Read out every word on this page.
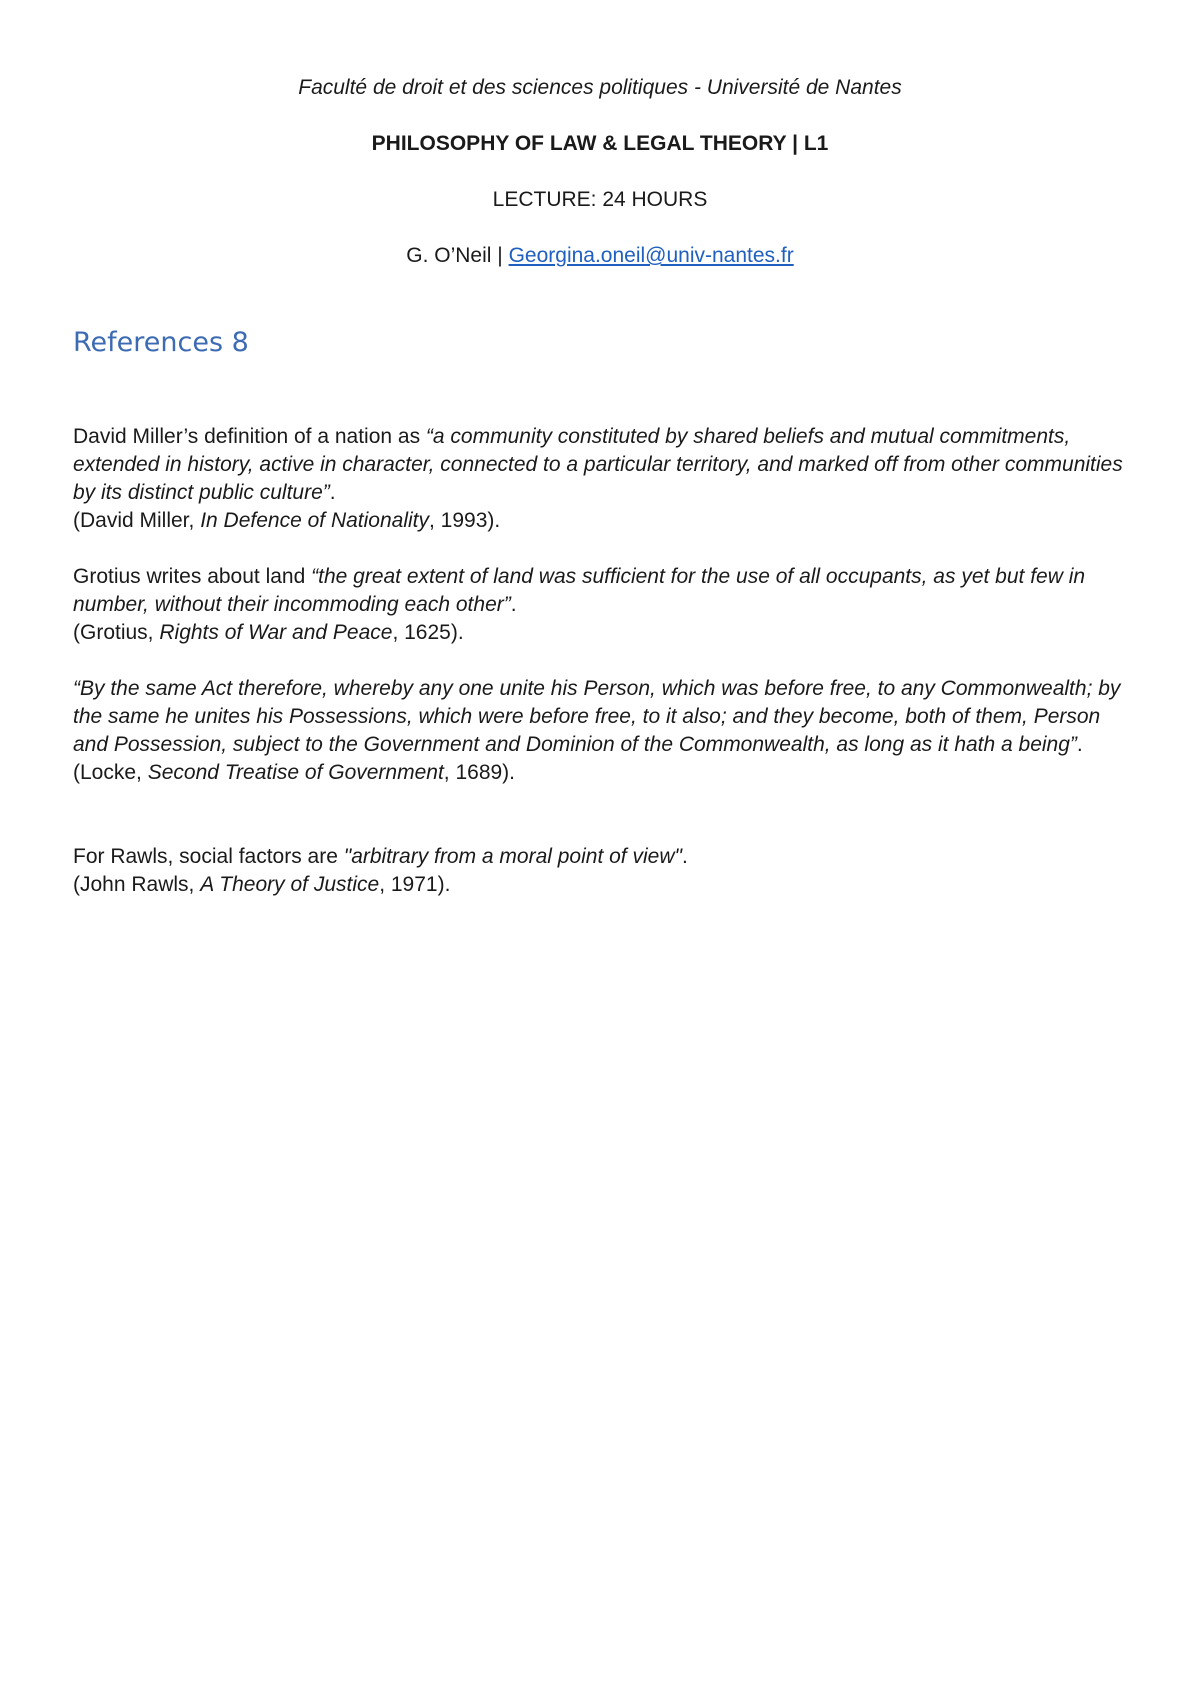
Faculté de droit et des sciences politiques - Université de Nantes
PHILOSOPHY OF LAW & LEGAL THEORY | L1
LECTURE: 24 HOURS
G. O’Neil | Georgina.oneil@univ-nantes.fr
References 8

David Miller’s definition of a nation as “a community constituted by shared beliefs and mutual commitments, extended in history, active in character, connected to a particular territory, and marked off from other communities by its distinct public culture”.

(David Miller, In Defence of Nationality, 1993).

Grotius writes about land “the great extent of land was sufficient for the use of all occupants, as yet but few in number, without their incommoding each other”.

(Grotius, Rights of War and Peace, 1625).

“By the same Act therefore, whereby any one unite his Person, which was before free, to any Commonwealth; by the same he unites his Possessions, which were before free, to it also; and they become, both of them, Person and Possession, subject to the Government and Dominion of the Commonwealth, as long as it hath a being”.

(Locke, Second Treatise of Government, 1689).

For Rawls, social factors are "arbitrary from a moral point of view".

(John Rawls, A Theory of Justice, 1971).
